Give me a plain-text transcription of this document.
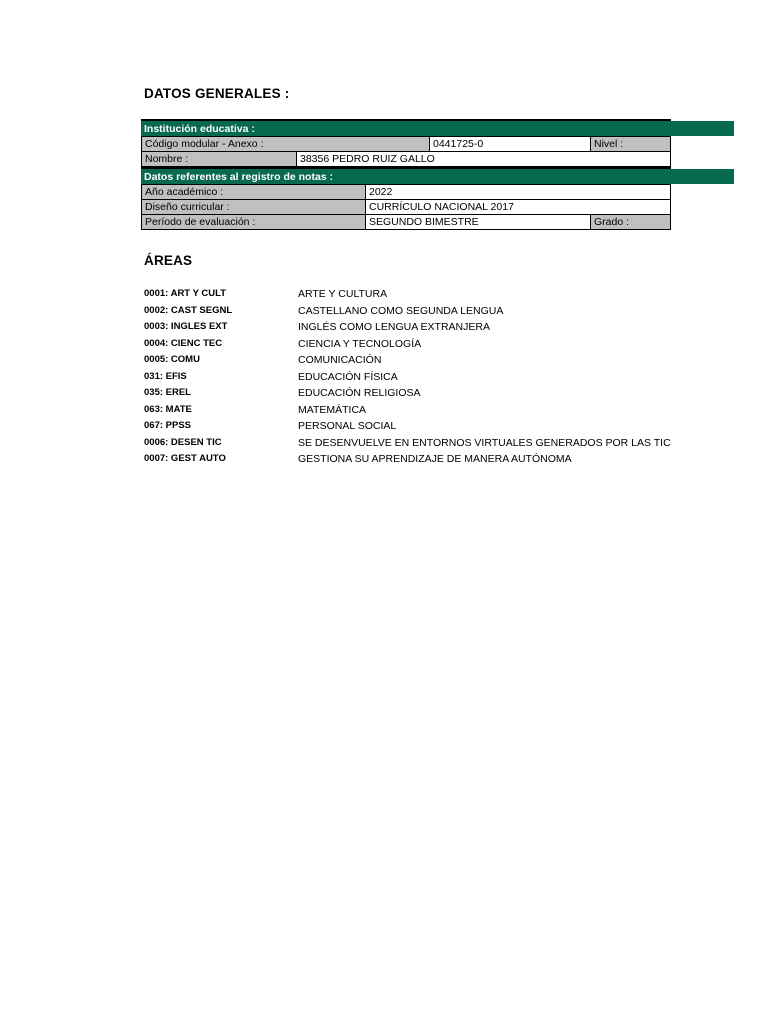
DATOS GENERALES :
Institución educativa :
Código modular - Anexo :	0441725-0	Nivel :
Nombre :	38356 PEDRO RUIZ GALLO
Datos referentes al registro de notas :
Año académico :	2022
Diseño curricular :	CURRÍCULO NACIONAL 2017
Período de evaluación :	SEGUNDO BIMESTRE	Grado :
ÁREAS
0001: ART Y CULT	ARTE Y CULTURA
0002: CAST SEGNL	CASTELLANO COMO SEGUNDA LENGUA
0003: INGLES EXT	INGLÉS COMO LENGUA EXTRANJERA
0004: CIENC TEC	CIENCIA Y TECNOLOGÍA
0005: COMU	COMUNICACIÓN
031: EFIS	EDUCACIÓN FÍSICA
035: EREL	EDUCACIÓN RELIGIOSA
063: MATE	MATEMÁTICA
067: PPSS	PERSONAL SOCIAL
0006: DESEN TIC	SE DESENVUELVE EN ENTORNOS VIRTUALES GENERADOS POR LAS TIC
0007: GEST AUTO	GESTIONA SU APRENDIZAJE DE MANERA AUTÓNOMA
